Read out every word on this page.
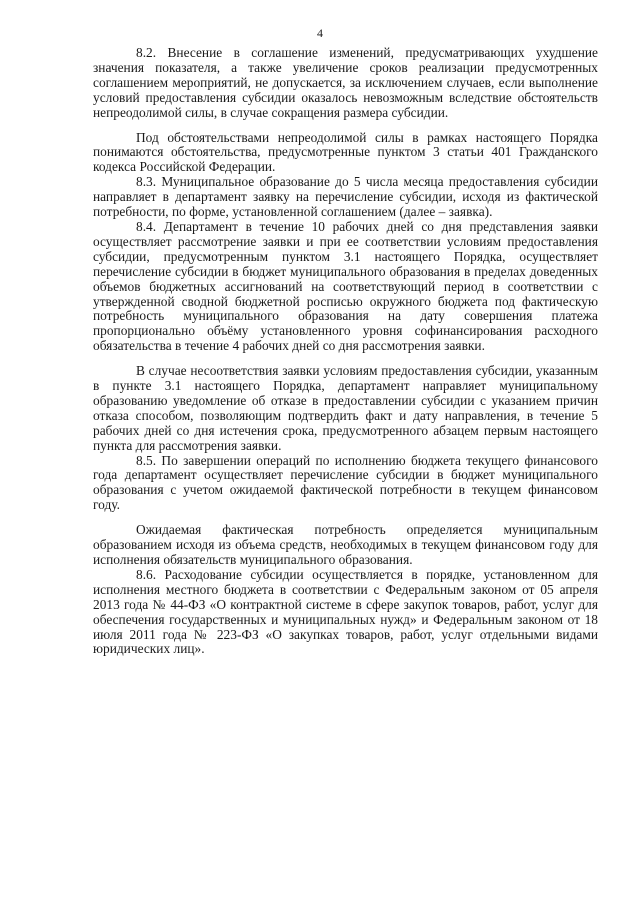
4

8.2. Внесение в соглашение изменений, предусматривающих ухудшение значения показателя, а также увеличение сроков реализации предусмотренных соглашением мероприятий, не допускается, за исключением случаев, если выполнение условий предоставления субсидии оказалось невозможным вследствие обстоятельств непреодолимой силы, в случае сокращения размера субсидии.

Под обстоятельствами непреодолимой силы в рамках настоящего Порядка понимаются обстоятельства, предусмотренные пунктом 3 статьи 401 Гражданского кодекса Российской Федерации.

8.3. Муниципальное образование до 5 числа месяца предоставления субсидии направляет в департамент заявку на перечисление субсидии, исходя из фактической потребности, по форме, установленной соглашением (далее – заявка).

8.4. Департамент в течение 10 рабочих дней со дня представления заявки осуществляет рассмотрение заявки и при ее соответствии условиям предоставления субсидии, предусмотренным пунктом 3.1 настоящего Порядка, осуществляет перечисление субсидии в бюджет муниципального образования в пределах доведенных объемов бюджетных ассигнований на соответствующий период в соответствии с утвержденной сводной бюджетной росписью окружного бюджета под фактическую потребность муниципального образования на дату совершения платежа пропорционально объёму установленного уровня софинансирования расходного обязательства в течение 4 рабочих дней со дня рассмотрения заявки.

В случае несоответствия заявки условиям предоставления субсидии, указанным в пункте 3.1 настоящего Порядка, департамент направляет муниципальному образованию уведомление об отказе в предоставлении субсидии с указанием причин отказа способом, позволяющим подтвердить факт и дату направления, в течение 5 рабочих дней со дня истечения срока, предусмотренного абзацем первым настоящего пункта для рассмотрения заявки.

8.5. По завершении операций по исполнению бюджета текущего финансового года департамент осуществляет перечисление субсидии в бюджет муниципального образования с учетом ожидаемой фактической потребности в текущем финансовом году.

Ожидаемая фактическая потребность определяется муниципальным образованием исходя из объема средств, необходимых в текущем финансовом году для исполнения обязательств муниципального образования.

8.6. Расходование субсидии осуществляется в порядке, установленном для исполнения местного бюджета в соответствии с Федеральным законом от 05 апреля 2013 года № 44-ФЗ «О контрактной системе в сфере закупок товаров, работ, услуг для обеспечения государственных и муниципальных нужд» и Федеральным законом от 18 июля 2011 года № 223-ФЗ «О закупках товаров, работ, услуг отдельными видами юридических лиц».
